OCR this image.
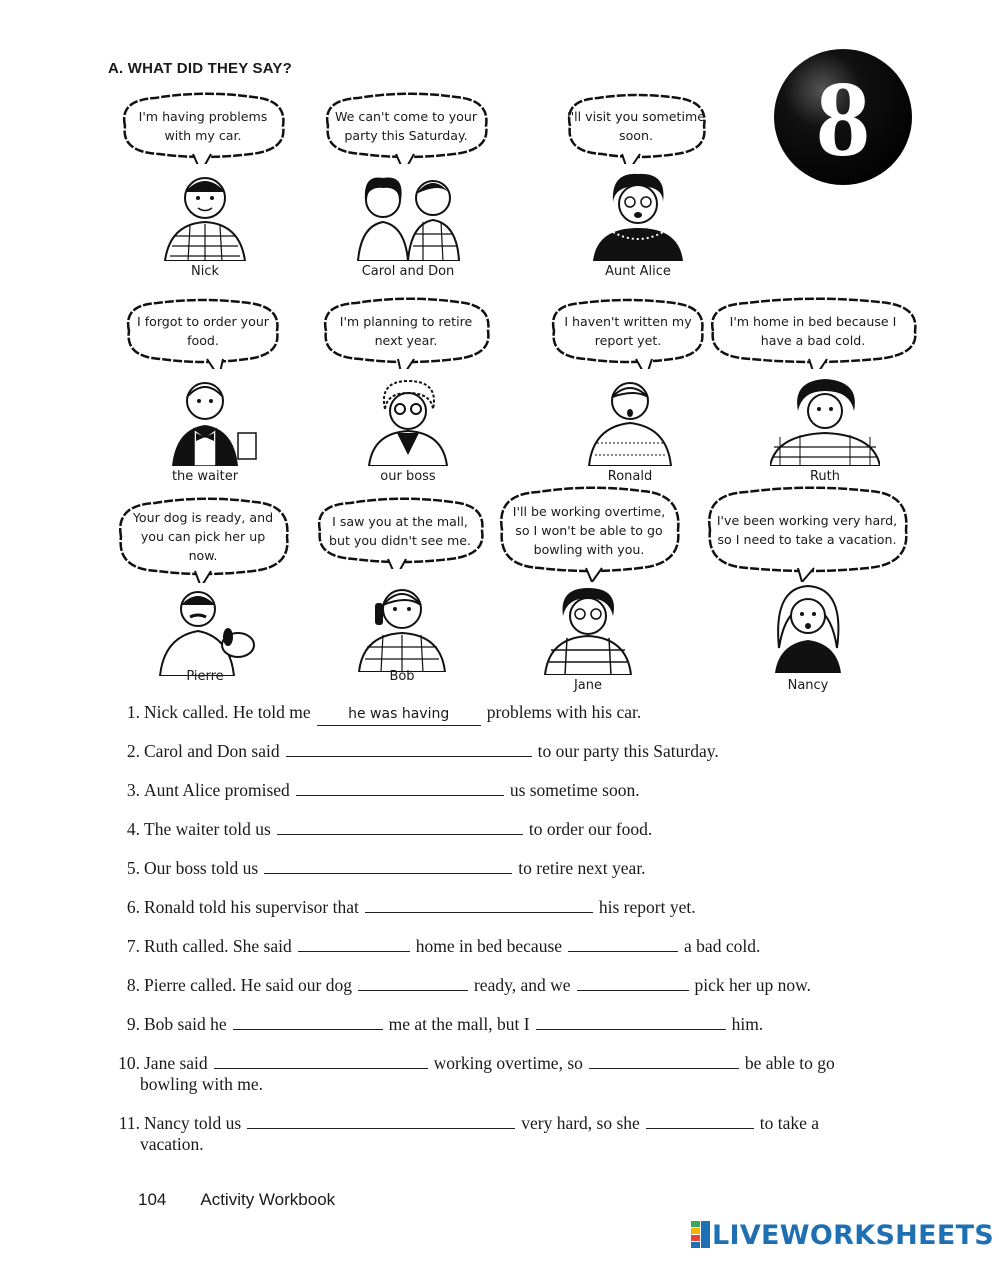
A. WHAT DID THEY SAY?	8
I'm having problems with my car.
Nick
We can't come to your party this Saturday.
Carol and Don
I'll visit you sometime soon.
Aunt Alice
I forgot to order your food.
the waiter
I'm planning to retire next year.
our boss
I haven't written my report yet.
Ronald
I'm home in bed because I have a bad cold.
Ruth
Your dog is ready, and you can pick her up now.
Pierre
I saw you at the mall, but you didn't see me.
Bob
I'll be working overtime, so I won't be able to go bowling with you.
Jane
I've been working very hard, so I need to take a vacation.
Nancy
1. Nick called. He told me	he was having problems with his car.
2. Carol and Don said	to our party this Saturday.
3. Aunt Alice promised	us sometime soon.
4. The waiter told us	to order our food.
5. Our boss told us	to retire next year.
6. Ronald told his supervisor that	his report yet.
7. Ruth called. She said	home in bed because	a bad cold.
8. Pierre called. He said our dog	ready, and we	pick her up now.
9. Bob said he	me at the mall, but I	him.
10. Jane said	working overtime, so	be able to go
bowling with me.
11. Nancy told us	very hard, so she	to take a
vacation.
104 Activity Workbook
LIVEWORKSHEETS
